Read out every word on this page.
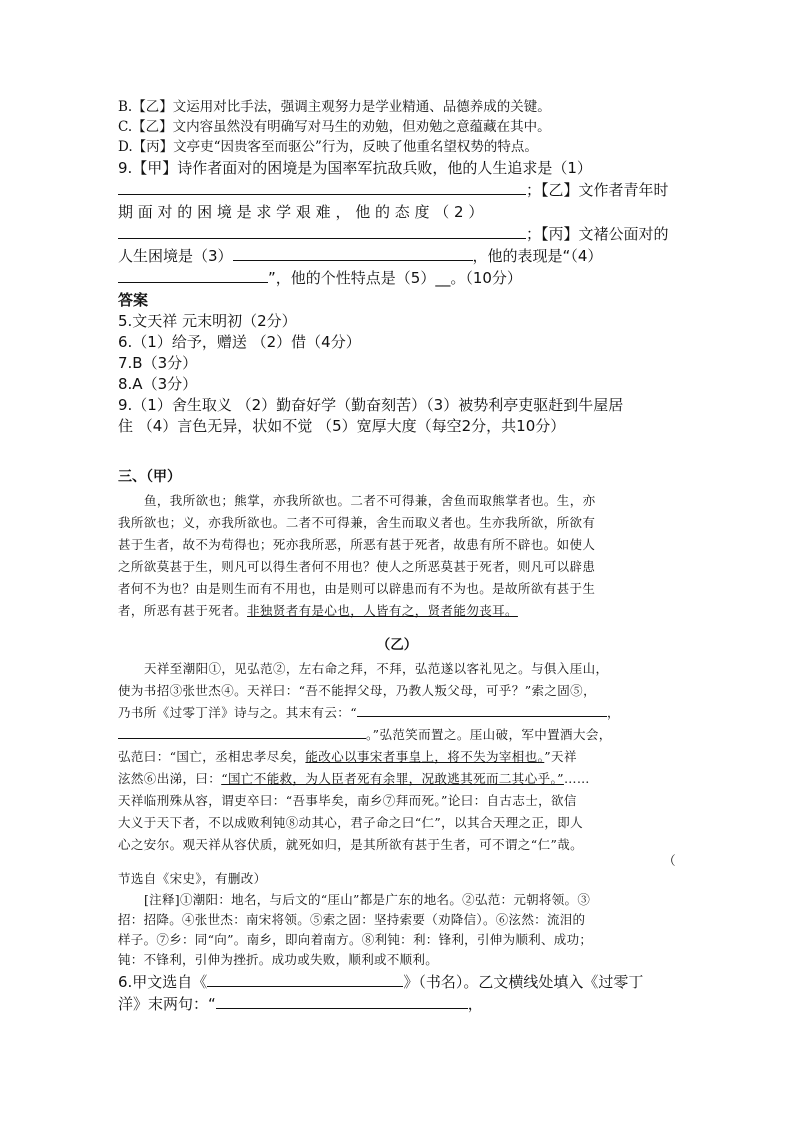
B.【乙】文运用对比手法，强调主观努力是学业精通、品德养成的关键。
C.【乙】文内容虽然没有明确写对马生的劝勉，但劝勉之意蕴藏在其中。
D.【丙】文亭吏“因贵客至而驱公”行为，反映了他重名望权势的特点。
9.【甲】诗作者面对的困境是为国率军抗敌兵败，他的人生追求是（1）
；【乙】文作者青年时
期 面 对 的 困 境 是 求 学 艰 难 ， 他 的 态 度 （ 2 ）
；【丙】文褚公面对的
人生困境是（3）	，他的表现是“（4）
”，他的个性特点是（5）__。（10分）
答案
5.文天祥 元末明初（2分）
6.（1）给予，赠送 （2）借（4分）
7.B（3分）
8.A（3分）
9.（1）舍生取义 （2）勤奋好学（勤奋刻苦）（3）被势利亭吏驱赶到牛屋居
住 （4）言色无异，状如不觉 （5）宽厚大度（每空2分，共10分）
三、（甲）
鱼，我所欲也；熊掌，亦我所欲也。二者不可得兼，舍鱼而取熊掌者也。生，亦
我所欲也；义，亦我所欲也。二者不可得兼，舍生而取义者也。生亦我所欲，所欲有
甚于生者，故不为苟得也；死亦我所恶，所恶有甚于死者，故患有所不辟也。如使人
之所欲莫甚于生，则凡可以得生者何不用也？使人之所恶莫甚于死者，则凡可以辟患
者何不为也？由是则生而有不用也，由是则可以辟患而有不为也。是故所欲有甚于生
者，所恶有甚于死者。非独贤者有是心也，人皆有之，贤者能勿丧耳。
（乙）
天祥至潮阳①，见弘范②，左右命之拜，不拜，弘范遂以客礼见之。与俱入厓山，
使为书招③张世杰④。天祥曰：“吾不能捍父母，乃教人叛父母，可乎？”索之固⑤，
乃书所《过零丁洋》诗与之。其末有云：“	，
。”弘范笑而置之。厓山破，军中置酒大会，
弘范曰：“国亡，丞相忠孝尽矣，能改心以事宋者事皇上，将不失为宰相也。”天祥
泫然⑥出涕，曰：“国亡不能救，为人臣者死有余罪，况敢逃其死而二其心乎。”……
天祥临刑殊从容，谓吏卒曰：“吾事毕矣，南乡⑦拜而死。”论曰：自古志士，欲信
大义于天下者，不以成败利钝⑧动其心，君子命之曰“仁”，以其合天理之正，即人
心之安尔。观天祥从容伏质，就死如归，是其所欲有甚于生者，可不谓之“仁”哉。
（
节选自《宋史》，有删改）
[注释]①潮阳：地名，与后文的“厓山”都是广东的地名。②弘范：元朝将领。③
招：招降。④张世杰：南宋将领。⑤索之固：坚持索要（劝降信）。⑥泫然：流泪的
样子。⑦乡：同“向”。南乡，即向着南方。⑧利钝：利：锋利，引伸为顺利、成功；
钝：不锋利，引伸为挫折。成功或失败，顺利或不顺利。
6.甲文选自《	》（书名）。乙文横线处填入《过零丁
洋》末两句：“	，
